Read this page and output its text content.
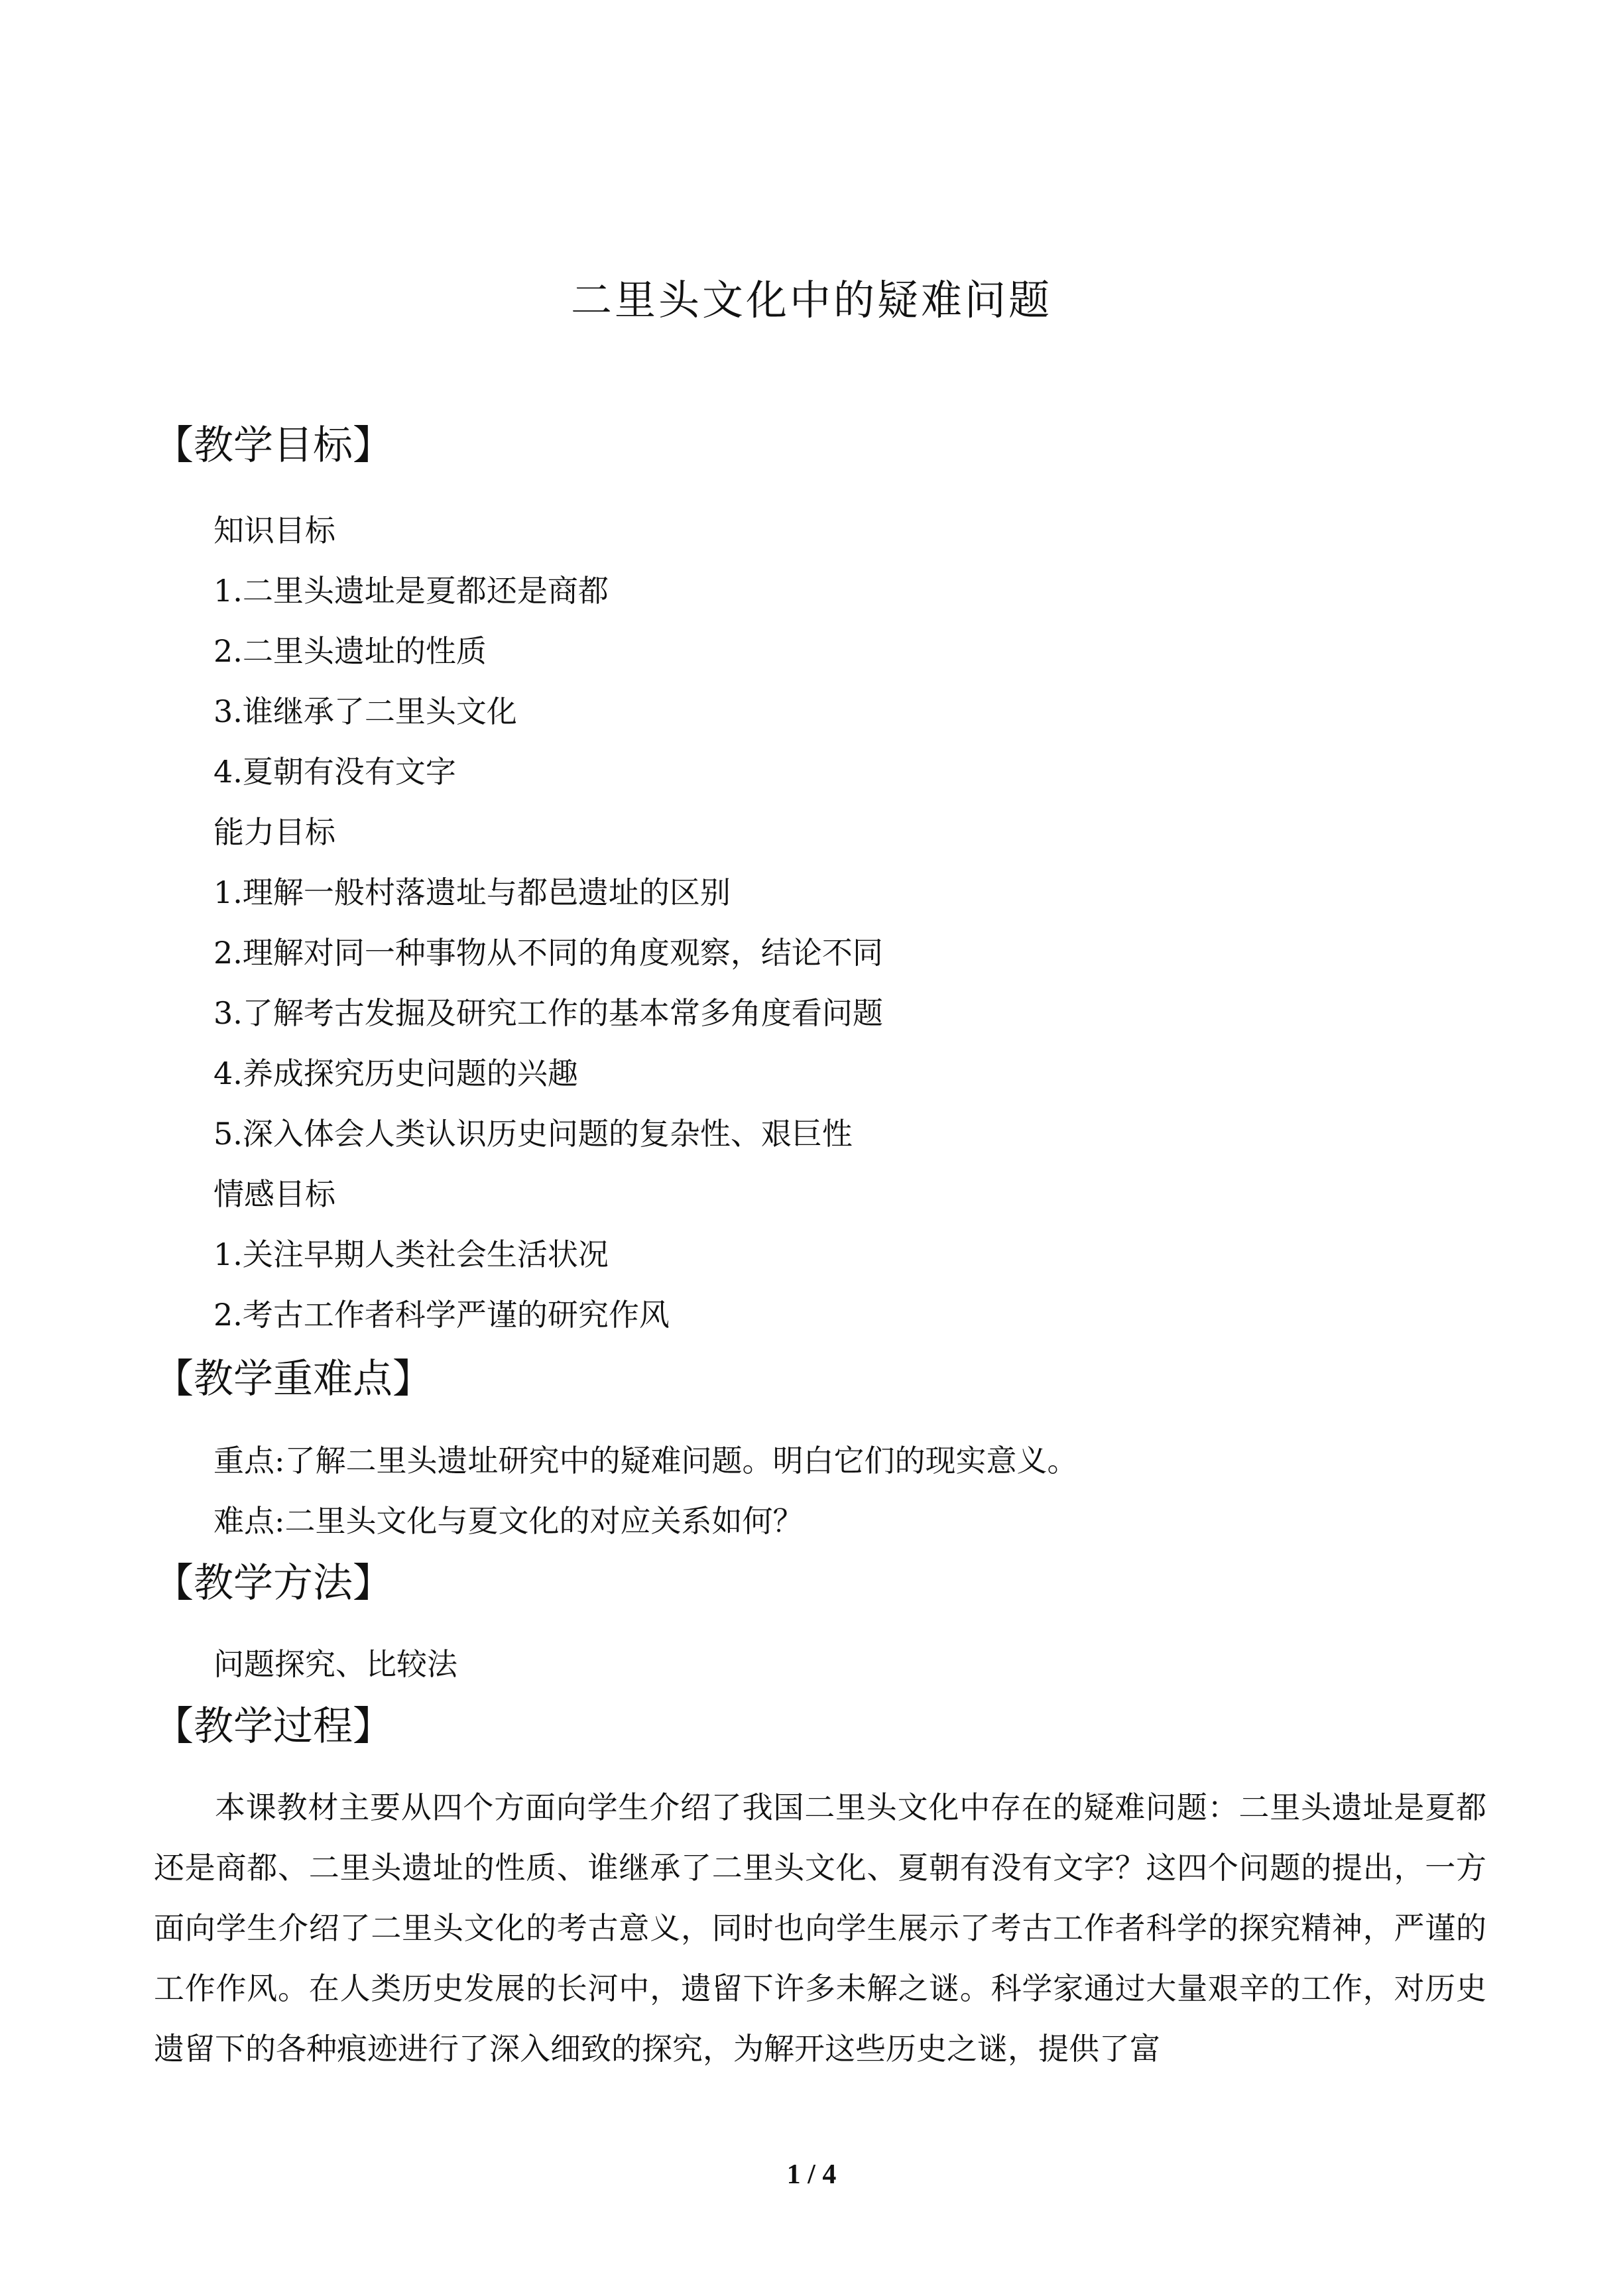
二里头文化中的疑难问题
【教学目标】
知识目标
1.二里头遗址是夏都还是商都
2.二里头遗址的性质
3.谁继承了二里头文化
4.夏朝有没有文字
能力目标
1.理解一般村落遗址与都邑遗址的区别
2.理解对同一种事物从不同的角度观察，结论不同
3.了解考古发掘及研究工作的基本常多角度看问题
4.养成探究历史问题的兴趣
5.深入体会人类认识历史问题的复杂性、艰巨性
情感目标
1.关注早期人类社会生活状况
2.考古工作者科学严谨的研究作风
【教学重难点】
重点:了解二里头遗址研究中的疑难问题。明白它们的现实意义。
难点:二里头文化与夏文化的对应关系如何？
【教学方法】
问题探究、比较法
【教学过程】
本课教材主要从四个方面向学生介绍了我国二里头文化中存在的疑难问题：二里头遗址是夏都还是商都、二里头遗址的性质、谁继承了二里头文化、夏朝有没有文字？这四个问题的提出，一方面向学生介绍了二里头文化的考古意义，同时也向学生展示了考古工作者科学的探究精神，严谨的工作作风。在人类历史发展的长河中，遗留下许多未解之谜。科学家通过大量艰辛的工作，对历史遗留下的各种痕迹进行了深入细致的探究，为解开这些历史之谜，提供了富
1 / 4
